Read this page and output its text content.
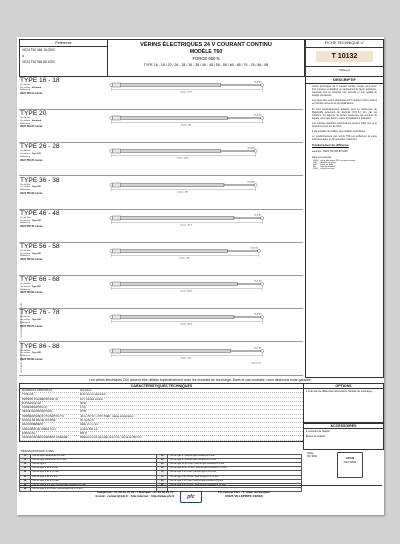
DOCUMENT NON CONTRACTUEL — SOUS RÉSERVE DE MODIFICATIONS
Référence
VE24 T60 065 16 0200
à
VE24 T60 065 88 1000
VÉRINS ÉLECTRIQUES 24 V COURANT CONTINU
MODÈLE T60
FORCE 650 N
TYPE 16 - 18 / 20 / 26 - 28 / 36 - 38 / 46 - 48 / 56 - 58 / 66 - 68 / 76 - 78 / 86 - 88
FICHE TECHNIQUE n°
T 10132
Indice A
TYPE 16 - 18
Vis de tête
Vis arrière : Standard
Référence
VE24 T60 16 course	Course + 277,5
Vis de tête
TYPE 20
Vis de tête
Vis arrière : Standard
Référence
VE24 T60 20 course	Course + 284
Vis de tête
TYPE 26 - 28
Vis de tête
Vis arrière : Type E/K
Référence
VE24 T60 26 course	Course + 281,5
Vis de tête
TYPE 36 - 38
Vis de tête
Vis arrière : Type E/K
Référence
VE24 T60 36 course	Course + 292
Vis de tête
TYPE 46 - 48
Vis de tête
Vis arrière : Type E/K
Référence
VE24 T60 46 course	Course + 321,5
Vis de tête
TYPE 56 - 58
Vis de tête
Vis arrière : Type E/K
Référence
VE24 T60 56 course	Course + 305
Vis de tête
TYPE 66 - 68
Vis de tête
Vis arrière : Type E/K
Référence
VE24 T60 66 course	Course + 352,5
Vis de tête
TYPE 76 - 78
Vis de tête
Vis arrière : Type E/K
Référence
VE24 T60 76 course	Course + 321,5
Vis de tête
TYPE 86 - 88
Vis de tête
Vis arrière : Type E/K
Référence
VE24 T60 86 course	Course + 314
Vis de tête
Cotes en mm
DESCRIPTIF
Vérins électriques 24 V courant continu conçus pour lever, tirer, pousser et déplacer un équipement de façon autonome, manuelle tout en assurant une sécurité et une qualité de levage constantes.
Les types des vérins électriques 24 V courant continu varient en fonction de leurs vis de détail désiré.
Ils sont particulièrement adaptés pour la manœuvre de Dispositifs évitement de Sécurité (D.S.S.) lors par les incisions, les dépens, les portes coupe-feu, les ouvrants de façade, ainsi que dans le cadre d'installations d'aération.
Les courses standard s'échelonnent jusqu'à 1000 mm et le fonctionnement est de 60 N.
Il est possible de réaliser des modèles spécifiques.
Le positionnement des vérins T60 est s'effectuer la vente total de la ligne en 60 secondes maximum.
Fonctionnement des différences
exemple : VE24 T60 065 88 0200
Dans cet exemple,
VE24	vérin électrique 24V courant continu
T60	Modèle du vérin
065	force en daN
88	type de fixation
0200	course en mm
Les vérins électriques 24V doivent être utilisés impérativement avec les modules de surcharge. Dans le cas contraire, nous déclinons toute garantie.
CARACTÉRISTIQUES TECHNIQUES
MATÉRIAUX PRINCIPAUX :	Aluminium
TYPE VIS :	Ø 20 mm en aluminium
TENSION D'ALIMENTATION (V) :	24 V courant continu
PUISSANCE (W) :	36 W
CONSOMMATION (A) :	1,5 A
INDICE DE PROTECTION :	IP 65
TEMPÉRATURE D'UTILISATION (°C) :	-20 à +70 °C / +70°C TAEF : classe température
SIGNAL DE FIN DE COURSE :	Vis cache fin
RACCORDEMENT :	Câble 2 x 1 mm²
LONGUEUR DE CÂBLE (mm) :	environ 500 mm
FORCE (N) :	650 N
VALEUR DE DÉPLACEMENT LINÉAIRE :	Référence à 60 secondes sous 0 en course de 500 mm
OPTIONS
1 à de tête de différentes dimensions. Module de surcharge.
ACCESSOIRES
2 consoles de fixation.
Étriers de fixation.
DÉSIGNATION DES TYPES
16	Tête de type standard de Ø 8 mm	56	Tête de type E / pied de type standard Ø 8 mm
18	Tête de type standard de Ø 10 mm	58	Tête de type E / pied de type standard Ø 10 mm
20	Tête de type K	66	Tête de type de Ø 8 mm / pied de type standard Ø 8 mm
26	Tête de type E de Ø 8 mm	68	Tête de type de Ø 10 mm / pied de type standard Ø 10 mm
28	Tête de type E de Ø 10 mm	76	Tête de type K Ø 8 mm / pied de type K Ø 8 mm
36	Tête de type K de Ø 8 mm	78	Tête de type K Ø 10 mm / pied de type K Ø 10 mm
38	Tête de type K de Ø 10 mm	86	Tête de type E Ø 8 mm / pied de type standard Ø 8 mm
46	Tête de type E Ø 8 mm / pied de type standard Ø 8 mm	88	Tête de type E Ø 10 mm / pied de type standard Ø 10 mm
48	Tête de type E Ø 10 mm / pied de type std Ø 10 mm		
AFAQ
ISO 9001	AFAQ
ISO 9001
Téléphone : 01 48 60 76 00 - Télécopie : 01 48 60 29 70
E-mail : contact@pfc.fr - Site internet : http://www.pfc.fr	pfc
ZA Central Parc - 7, allée du Sanglier
93421 VILLEPINTE CEDEX
